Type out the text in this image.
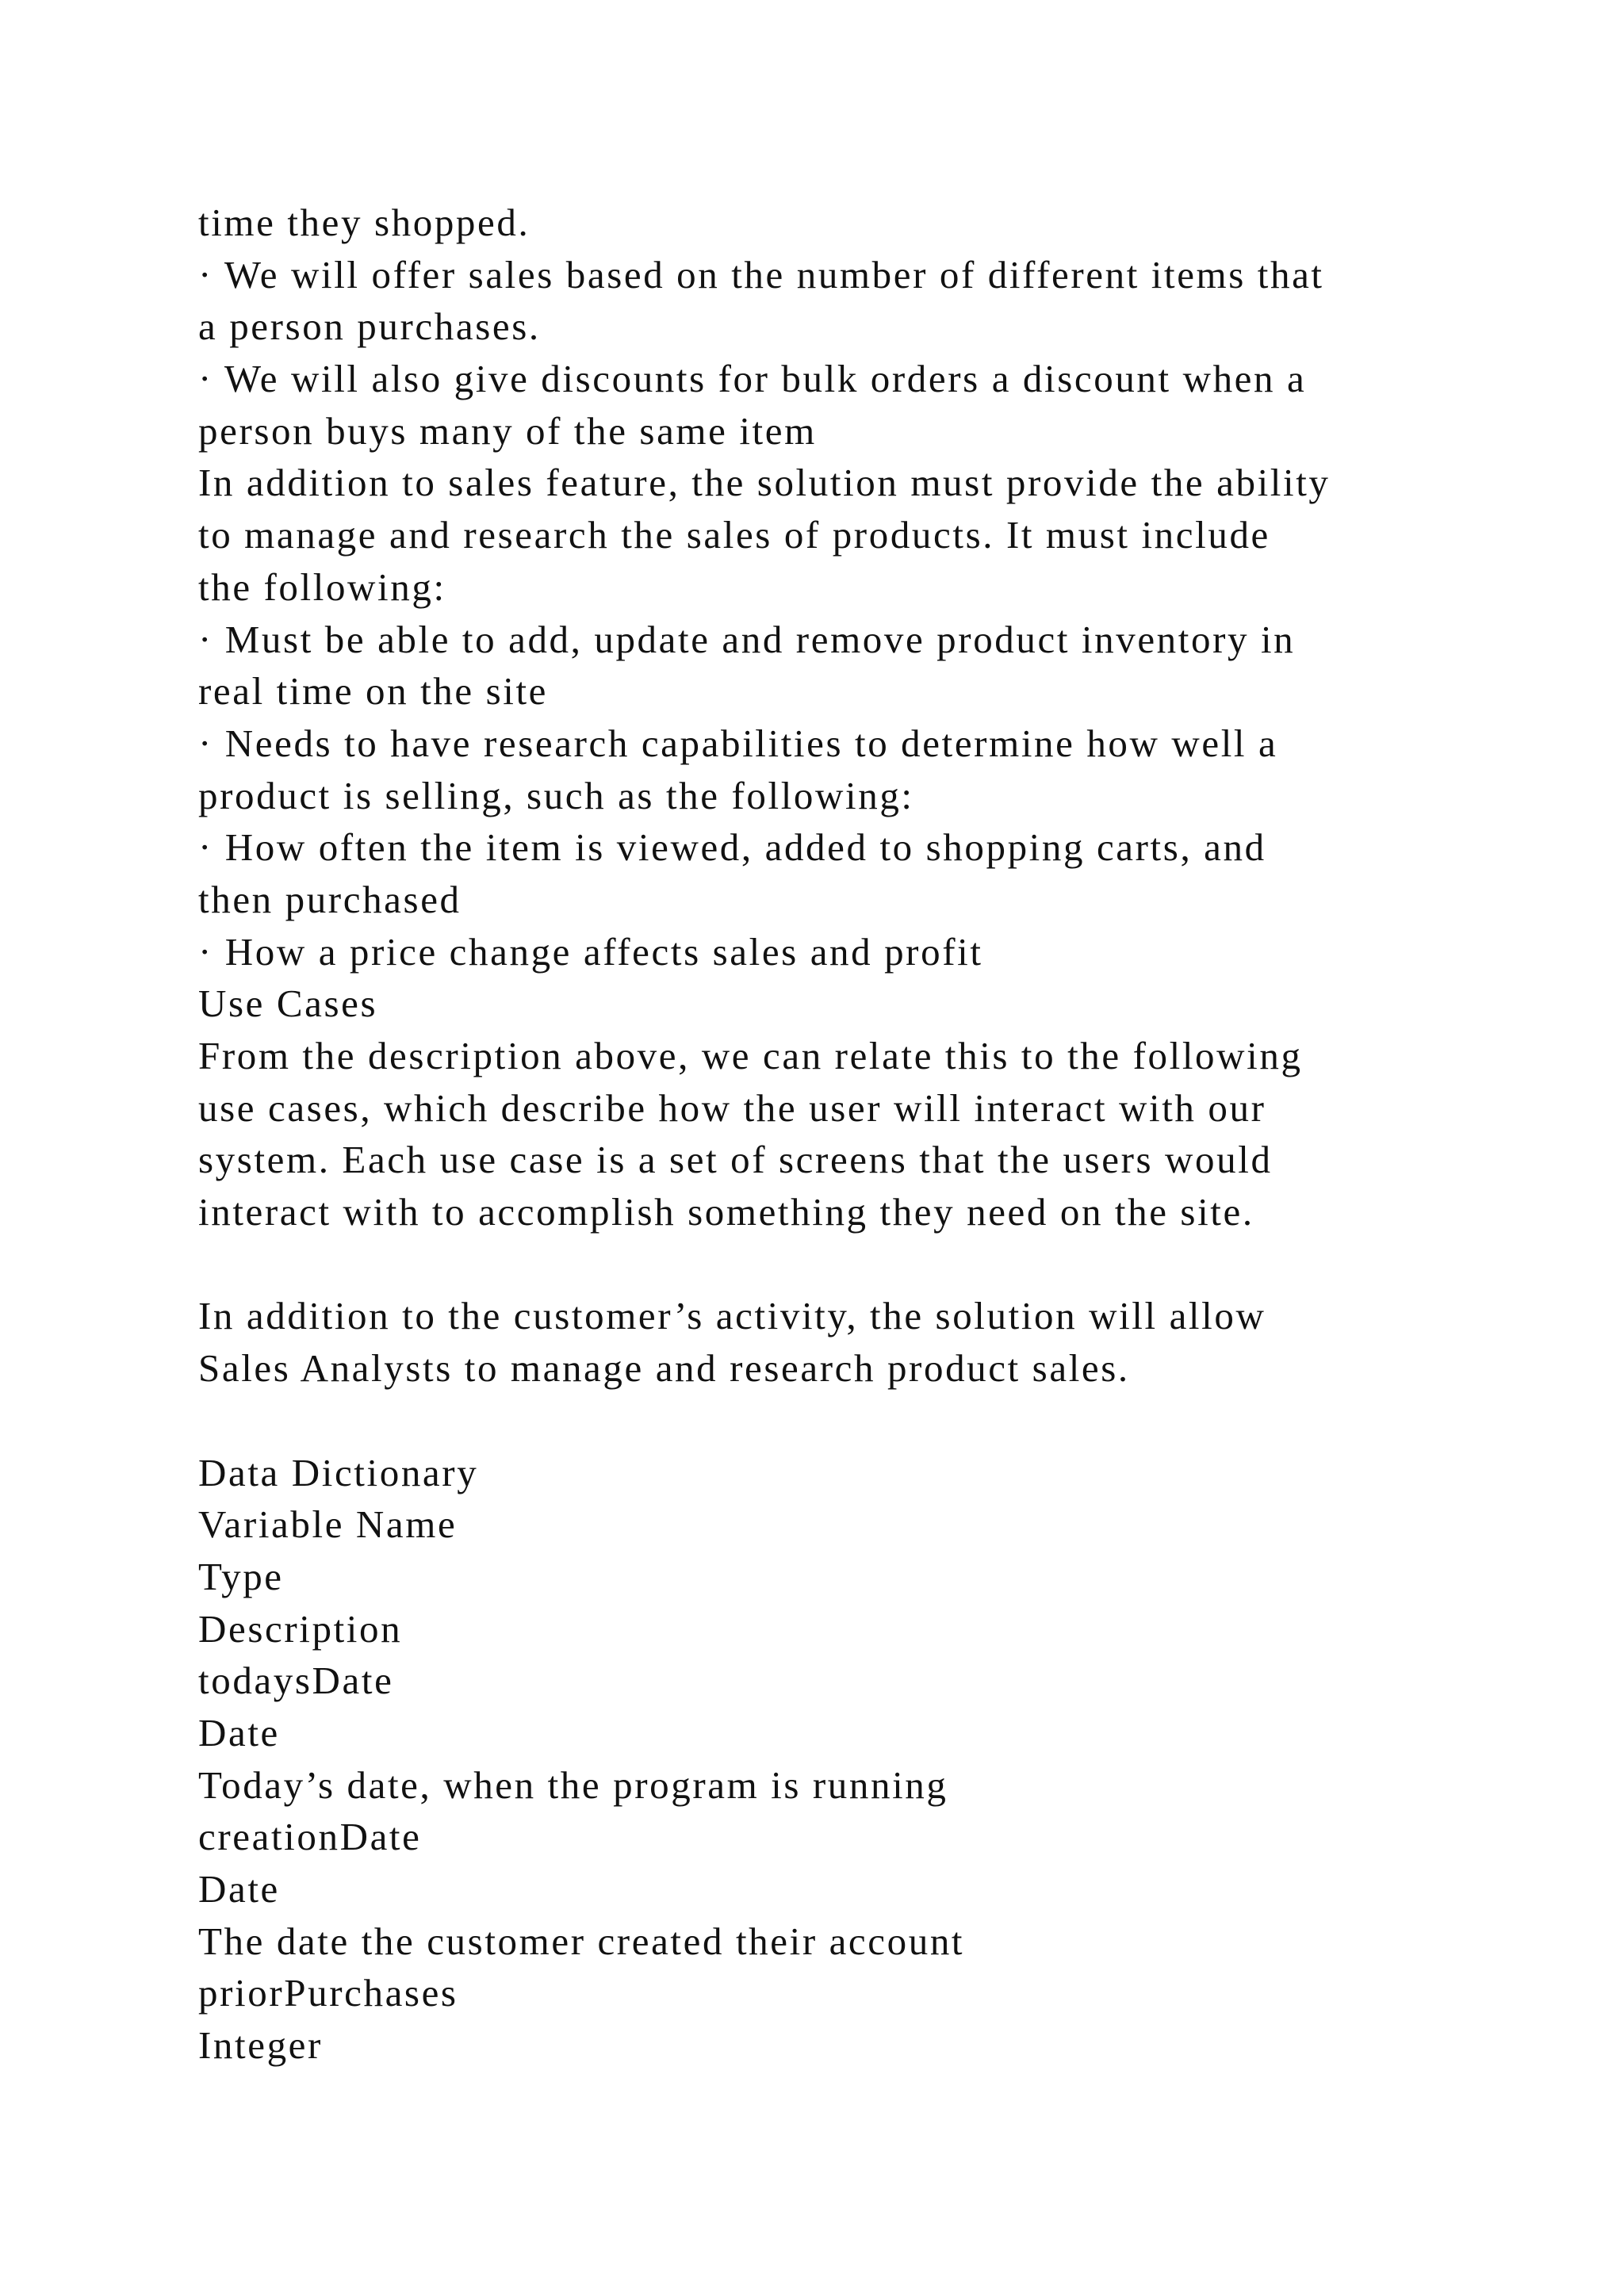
time they shopped.
· We will offer sales based on the number of different items that
a person purchases.
· We will also give discounts for bulk orders a discount when a
person buys many of the same item
In addition to sales feature, the solution must provide the ability
to manage and research the sales of products. It must include
the following:
· Must be able to add, update and remove product inventory in
real time on the site
· Needs to have research capabilities to determine how well a
product is selling, such as the following:
· How often the item is viewed, added to shopping carts, and
then purchased
· How a price change affects sales and profit
Use Cases
From the description above, we can relate this to the following
use cases, which describe how the user will interact with our
system. Each use case is a set of screens that the users would
interact with to accomplish something they need on the site.
In addition to the customer’s activity, the solution will allow
Sales Analysts to manage and research product sales.
Data Dictionary
Variable Name
Type
Description
todaysDate
Date
Today’s date, when the program is running
creationDate
Date
The date the customer created their account
priorPurchases
Integer
